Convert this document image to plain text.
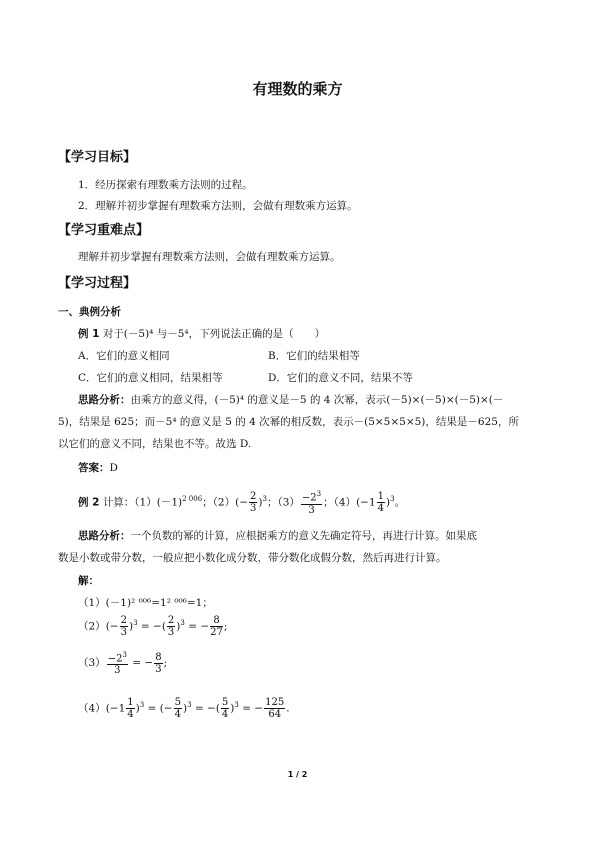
有理数的乘方
【学习目标】
1．经历探索有理数乘方法则的过程。
2．理解并初步掌握有理数乘方法则，会做有理数乘方运算。
【学习重难点】
理解并初步掌握有理数乘方法则，会做有理数乘方运算。
【学习过程】
一、典例分析
例 1 对于(－5)⁴ 与－5⁴，下列说法正确的是（　　）
A．它们的意义相同	B．它们的结果相等
C．它们的意义相同，结果相等	D．它们的意义不同，结果不等
思路分析：由乘方的意义得，(－5)⁴ 的意义是－5 的 4 次幂，表示(－5)×(－5)×(－5)×(－
5)，结果是 625；而－5⁴ 的意义是 5 的 4 次幂的相反数，表示－(5×5×5×5)，结果是－625，所
以它们的意义不同，结果也不等。故选 D.
答案：D
例 2 计算：$(1)(-1)^{2 006}$；$(2)(- \frac{2}{3} )^3$；$(3) \frac{-2^3}{3}$ ；$(4)(-1 \frac{1}{4} )^3$。
思路分析：一个负数的幂的计算，应根据乘方的意义先确定符号，再进行计算。如果底
数是小数或带分数，一般应把小数化成分数，带分数化成假分数，然后再进行计算。
解：
（1）(－1)² ⁰⁰⁶=1² ⁰⁰⁶=1；
$(2)(- \frac{2}{3} )^3$ = −( $\frac{2}{3} )^3$ = − $\frac{8}{27}$ ;
$(3) \frac{-2^3}{3}$ = − $\frac{8}{3}$ ;
$(4)(-1 \frac{1}{4} )^3$ = (− $\frac{5}{4} )^3$ = −( $\frac{5}{4} )^3$ = − $\frac{125}{64}$ .
1 / 2
